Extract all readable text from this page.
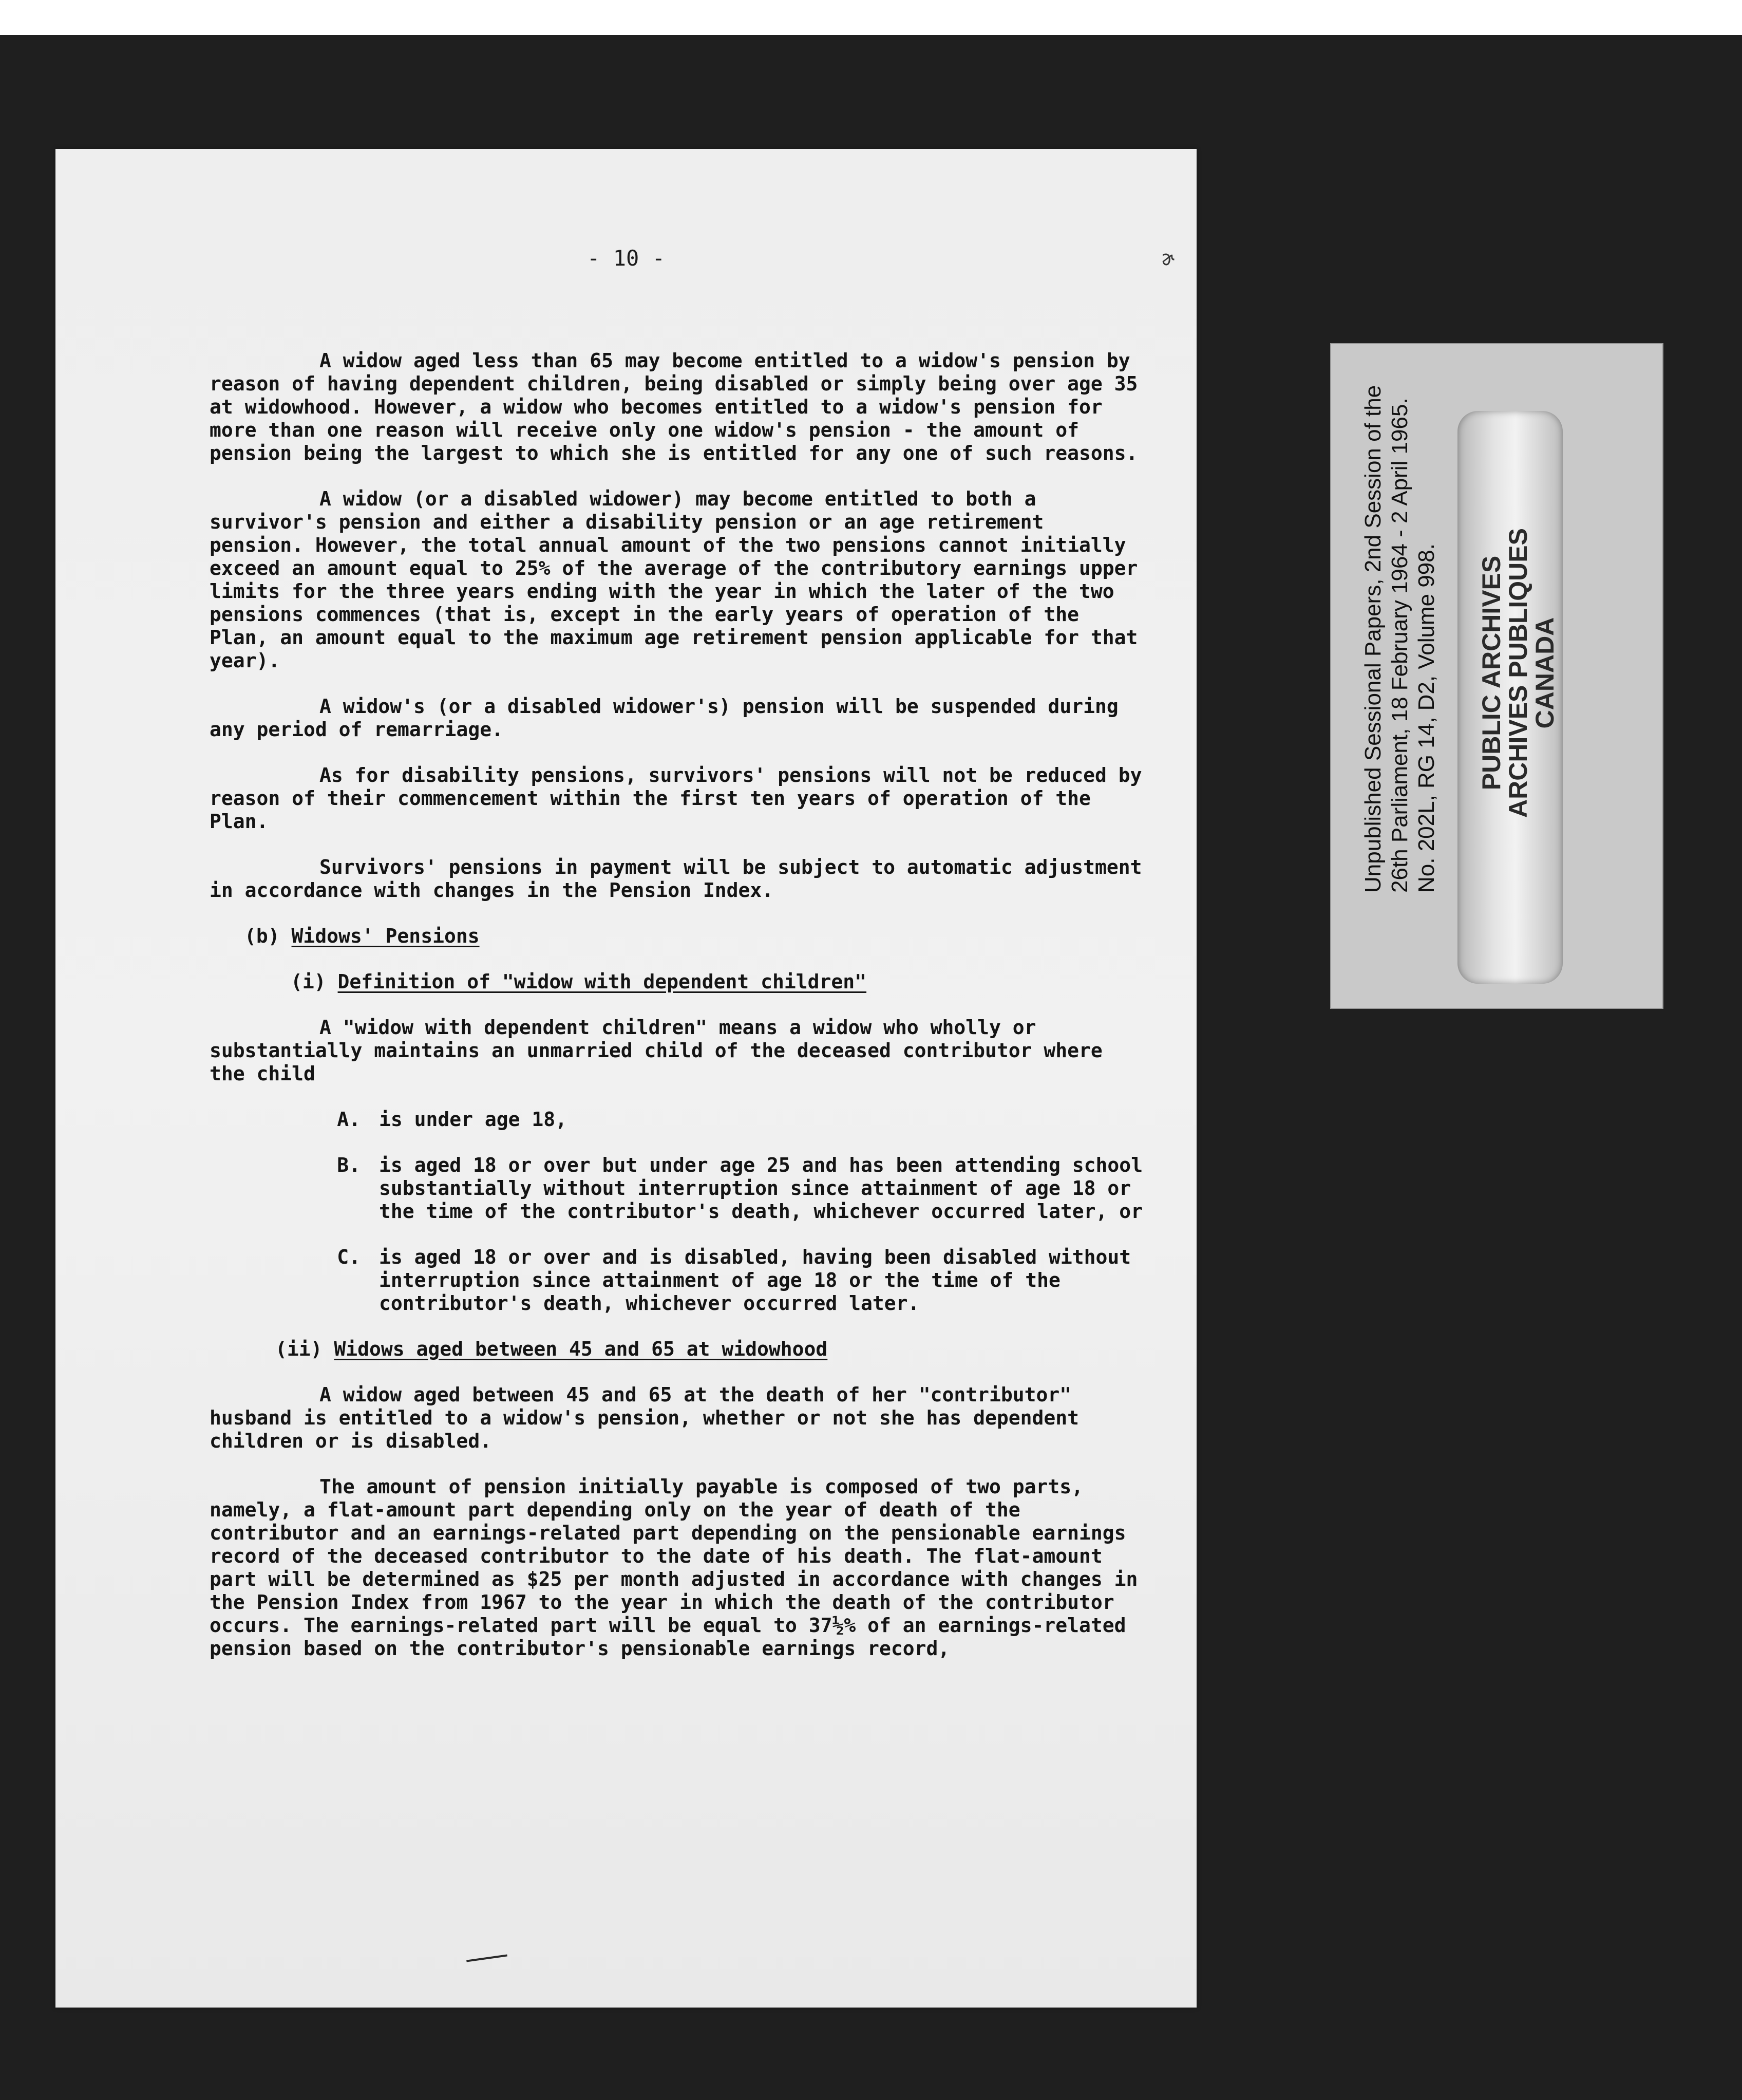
- 10 -	ɚ

A widow aged less than 65 may become entitled to a widow's pension by reason of having dependent children, being disabled or simply being over age 35 at widowhood. However, a widow who becomes entitled to a widow's pension for more than one reason will receive only one widow's pension - the amount of pension being the largest to which she is entitled for any one of such reasons.

A widow (or a disabled widower) may become entitled to both a survivor's pension and either a disability pension or an age retirement pension. However, the total annual amount of the two pensions cannot initially exceed an amount equal to 25% of the average of the contributory earnings upper limits for the three years ending with the year in which the later of the two pensions commences (that is, except in the early years of operation of the Plan, an amount equal to the maximum age retirement pension applicable for that year).

A widow's (or a disabled widower's) pension will be suspended during any period of remarriage.

As for disability pensions, survivors' pensions will not be reduced by reason of their commencement within the first ten years of operation of the Plan.

Survivors' pensions in payment will be subject to automatic adjustment in accordance with changes in the Pension Index.

(b) Widows' Pensions
(i) Definition of "widow with dependent children"

A "widow with dependent children" means a widow who wholly or substantially maintains an unmarried child of the deceased contributor where the child

A. is under age 18,
B. is aged 18 or over but under age 25 and has been attending school substantially without interruption since attainment of age 18 or the time of the contributor's death, whichever occurred later, or
C. is aged 18 or over and is disabled, having been disabled without interruption since attainment of age 18 or the time of the contributor's death, whichever occurred later.
(ii) Widows aged between 45 and 65 at widowhood

A widow aged between 45 and 65 at the death of her "contributor" husband is entitled to a widow's pension, whether or not she has dependent children or is disabled.

The amount of pension initially payable is composed of two parts, namely, a flat-amount part depending only on the year of death of the contributor and an earnings-related part depending on the pensionable earnings record of the deceased contributor to the date of his death. The flat-amount part will be determined as $25 per month adjusted in accordance with changes in the Pension Index from 1967 to the year in which the death of the contributor occurs. The earnings-related part will be equal to 37½% of an earnings-related pension based on the contributor's pensionable earnings record,

Unpublished Sessional Papers, 2nd Session of the 26th Parliament, 18 February 1964 - 2 April 1965. No. 202L, RG 14, D2, Volume 998. PUBLIC ARCHIVES
ARCHIVES PUBLIQUES
CANADA
